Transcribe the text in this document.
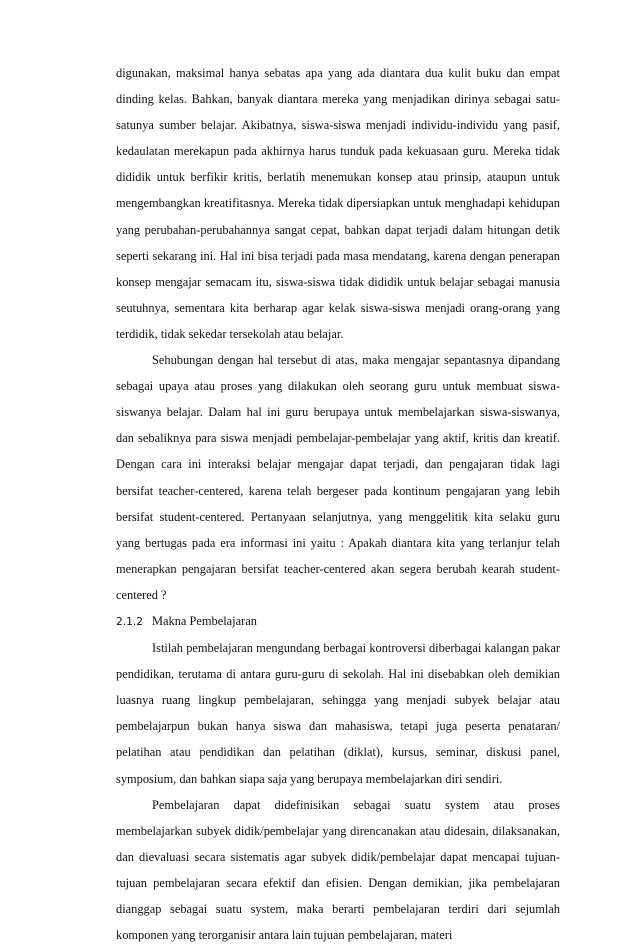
digunakan, maksimal hanya sebatas apa yang ada diantara dua kulit buku dan empat dinding kelas. Bahkan, banyak diantara mereka yang menjadikan dirinya sebagai satu-satunya sumber belajar. Akibatnya, siswa-siswa menjadi individu-individu yang pasif, kedaulatan merekapun pada akhirnya harus tunduk pada kekuasaan guru. Mereka tidak dididik untuk berfikir kritis, berlatih menemukan konsep atau prinsip, ataupun untuk mengembangkan kreatifitasnya. Mereka tidak dipersiapkan untuk menghadapi kehidupan yang perubahan-perubahannya sangat cepat, bahkan dapat terjadi dalam hitungan detik seperti sekarang ini. Hal ini bisa terjadi pada masa mendatang, karena dengan penerapan konsep mengajar semacam itu, siswa-siswa tidak dididik untuk belajar sebagai manusia seutuhnya, sementara kita berharap agar kelak siswa-siswa menjadi orang-orang yang terdidik, tidak sekedar tersekolah atau belajar.

Sehubungan dengan hal tersebut di atas, maka mengajar sepantasnya dipandang sebagai upaya atau proses yang dilakukan oleh seorang guru untuk membuat siswa-siswanya belajar. Dalam hal ini guru berupaya untuk membelajarkan siswa-siswanya, dan sebaliknya para siswa menjadi pembelajar-pembelajar yang aktif, kritis dan kreatif. Dengan cara ini interaksi belajar mengajar dapat terjadi, dan pengajaran tidak lagi bersifat teacher-centered, karena telah bergeser pada kontinum pengajaran yang lebih bersifat student-centered. Pertanyaan selanjutnya, yang menggelitik kita selaku guru yang bertugas pada era informasi ini yaitu : Apakah diantara kita yang terlanjur telah menerapkan pengajaran bersifat teacher-centered akan segera berubah kearah student-centered ?

2.1.2 Makna Pembelajaran

Istilah pembelajaran mengundang berbagai kontroversi diberbagai kalangan pakar pendidikan, terutama di antara guru-guru di sekolah. Hal ini disebabkan oleh demikian luasnya ruang lingkup pembelajaran, sehingga yang menjadi subyek belajar atau pembelajarpun bukan hanya siswa dan mahasiswa, tetapi juga peserta penataran/ pelatihan atau pendidikan dan pelatihan (diklat), kursus, seminar, diskusi panel, symposium, dan bahkan siapa saja yang berupaya membelajarkan diri sendiri.

Pembelajaran dapat didefinisikan sebagai suatu system atau proses membelajarkan subyek didik/pembelajar yang direncanakan atau didesain, dilaksanakan, dan dievaluasi secara sistematis agar subyek didik/pembelajar dapat mencapai tujuan-tujuan pembelajaran secara efektif dan efisien. Dengan demikian, jika pembelajaran dianggap sebagai suatu system, maka berarti pembelajaran terdiri dari sejumlah komponen yang terorganisir antara lain tujuan pembelajaran, materi
